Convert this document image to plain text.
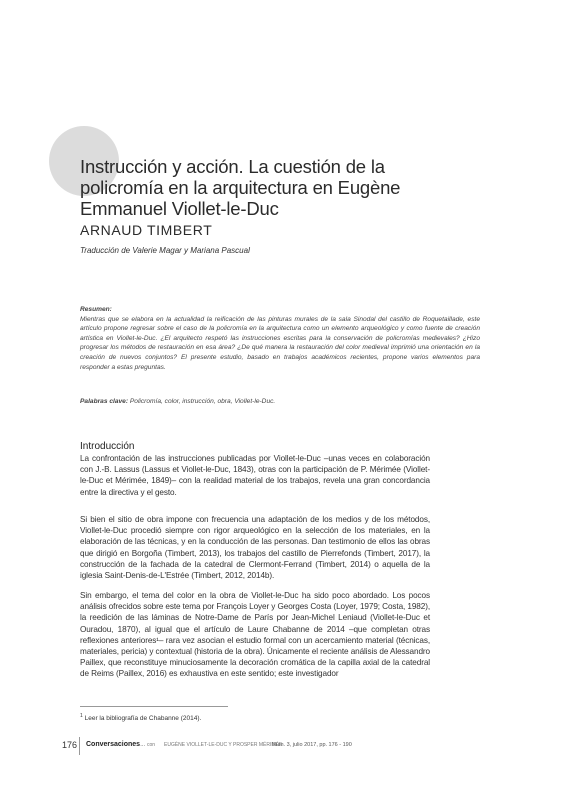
Instrucción y acción. La cuestión de la policromía en la arquitectura en Eugène Emmanuel Viollet-le-Duc

ARNAUD TIMBERT

Traducción de Valerie Magar y Mariana Pascual

Resumen:

Mientras que se elabora en la actualidad la reificación de las pinturas murales de la sala Sinodal del castillo de Roquetaillade, este artículo propone regresar sobre el caso de la policromía en la arquitectura como un elemento arqueológico y como fuente de creación artística en Viollet-le-Duc. ¿El arquitecto respetó las instrucciones escritas para la conservación de policromías medievales? ¿Hizo progresar los métodos de restauración en esa área? ¿De qué manera la restauración del color medieval imprimió una orientación en la creación de nuevos conjuntos? El presente estudio, basado en trabajos académicos recientes, propone varios elementos para responder a estas preguntas.

Palabras clave: Policromía, color, instrucción, obra, Viollet-le-Duc.
Introducción

La confrontación de las instrucciones publicadas por Viollet-le-Duc –unas veces en colaboración con J.-B. Lassus (Lassus et Viollet-le-Duc, 1843), otras con la participación de P. Mérimée (Viollet-le-Duc et Mérimée, 1849)– con la realidad material de los trabajos, revela una gran concordancia entre la directiva y el gesto.

Si bien el sitio de obra impone con frecuencia una adaptación de los medios y de los métodos, Viollet-le-Duc procedió siempre con rigor arqueológico en la selección de los materiales, en la elaboración de las técnicas, y en la conducción de las personas. Dan testimonio de ellos las obras que dirigió en Borgoña (Timbert, 2013), los trabajos del castillo de Pierrefonds (Timbert, 2017), la construcción de la fachada de la catedral de Clermont-Ferrand (Timbert, 2014) o aquella de la iglesia Saint-Denis-de-L'Estrée (Timbert, 2012, 2014b).

Sin embargo, el tema del color en la obra de Viollet-le-Duc ha sido poco abordado. Los pocos análisis ofrecidos sobre este tema por François Loyer y Georges Costa (Loyer, 1979; Costa, 1982), la reedición de las láminas de Notre-Dame de París por Jean-Michel Leniaud (Viollet-le-Duc et Ouradou, 1870), al igual que el artículo de Laure Chabanne de 2014 –que completan otras reflexiones anteriores¹– rara vez asocian el estudio formal con un acercamiento material (técnicas, materiales, pericia) y contextual (historia de la obra). Únicamente el reciente análisis de Alessandro Paillex, que reconstituye minuciosamente la decoración cromática de la capilla axial de la catedral de Reims (Paillex, 2016) es exhaustiva en este sentido; este investigador

$^1$ Leer la bibliografía de Chabanne (2014).

176 Conversaciones… con EUGÈNE VIOLLET-LE-DUC Y PROSPER MÉRIMÉE
Núm. 3, julio 2017, pp. 176 - 190
